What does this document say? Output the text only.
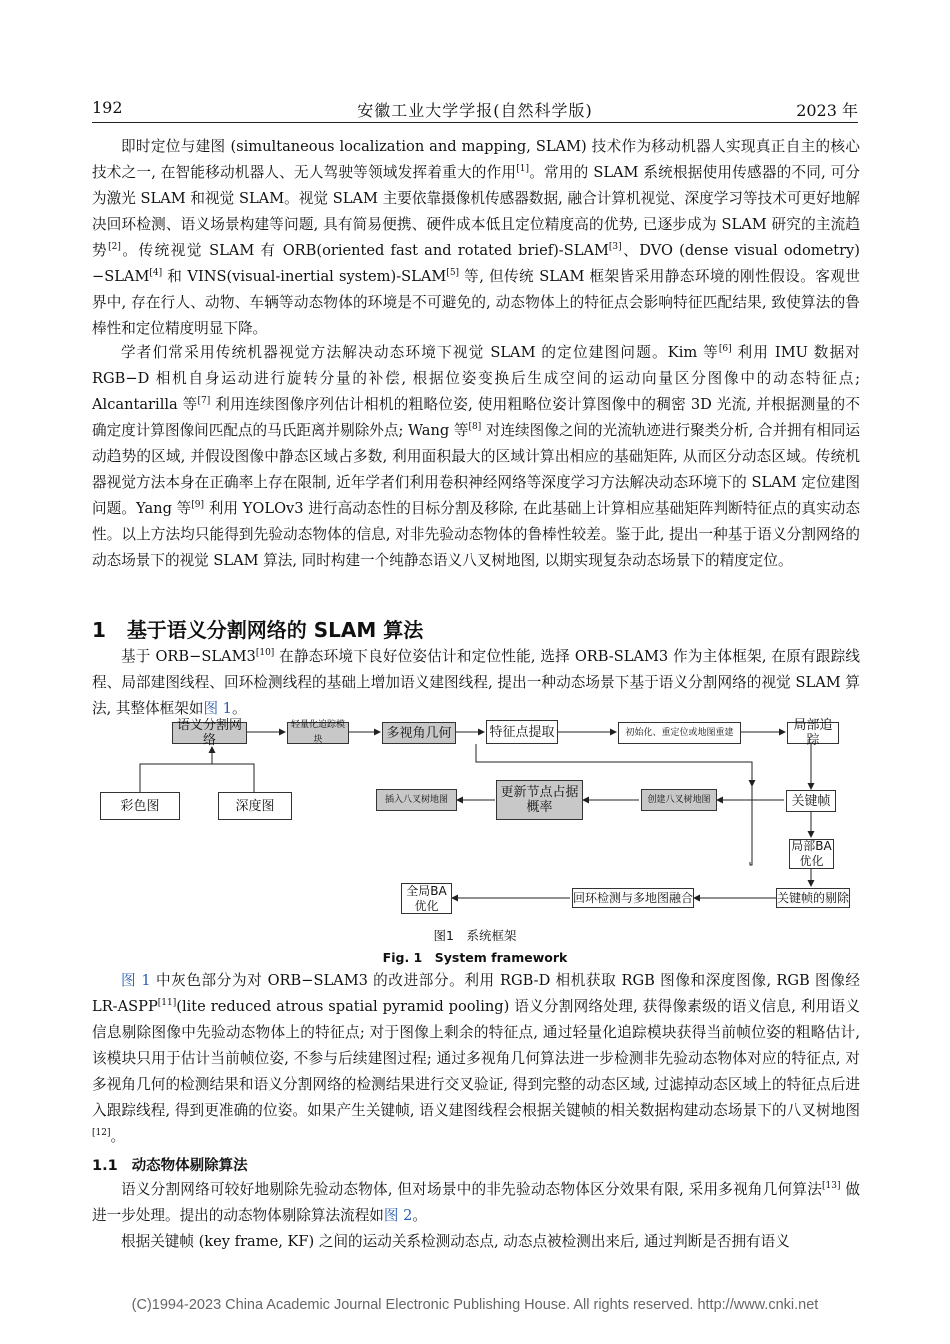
安徽工业大学学报(自然科学版)
192	2023 年

即时定位与建图 (simultaneous localization and mapping, SLAM) 技术作为移动机器人实现真正自主的核心技术之一, 在智能移动机器人、无人驾驶等领域发挥着重大的作用[1]。常用的 SLAM 系统根据使用传感器的不同, 可分为激光 SLAM 和视觉 SLAM。视觉 SLAM 主要依靠摄像机传感器数据, 融合计算机视觉、深度学习等技术可更好地解决回环检测、语义场景构建等问题, 具有简易便携、硬件成本低且定位精度高的优势, 已逐步成为 SLAM 研究的主流趋势[2]。传统视觉 SLAM 有 ORB(oriented fast and rotated brief)-SLAM[3]、DVO (dense visual odometry)−SLAM[4] 和 VINS(visual-inertial system)-SLAM[5] 等, 但传统 SLAM 框架皆采用静态环境的刚性假设。客观世界中, 存在行人、动物、车辆等动态物体的环境是不可避免的, 动态物体上的特征点会影响特征匹配结果, 致使算法的鲁棒性和定位精度明显下降。

学者们常采用传统机器视觉方法解决动态环境下视觉 SLAM 的定位建图问题。Kim 等[6] 利用 IMU 数据对 RGB−D 相机自身运动进行旋转分量的补偿, 根据位姿变换后生成空间的运动向量区分图像中的动态特征点; Alcantarilla 等[7] 利用连续图像序列估计相机的粗略位姿, 使用粗略位姿计算图像中的稠密 3D 光流, 并根据测量的不确定度计算图像间匹配点的马氏距离并剔除外点; Wang 等[8] 对连续图像之间的光流轨迹进行聚类分析, 合并拥有相同运动趋势的区域, 并假设图像中静态区域占多数, 利用面积最大的区域计算出相应的基础矩阵, 从而区分动态区域。传统机器视觉方法本身在正确率上存在限制, 近年学者们利用卷积神经网络等深度学习方法解决动态环境下的 SLAM 定位建图问题。Yang 等[9] 利用 YOLOv3 进行高动态性的目标分割及移除, 在此基础上计算相应基础矩阵判断特征点的真实动态性。以上方法均只能得到先验动态物体的信息, 对非先验动态物体的鲁棒性较差。鉴于此, 提出一种基于语义分割网络的动态场景下的视觉 SLAM 算法, 同时构建一个纯静态语义八叉树地图, 以期实现复杂动态场景下的精度定位。

1 基于语义分割网络的 SLAM 算法

基于 ORB−SLAM3[10] 在静态环境下良好位姿估计和定位性能, 选择 ORB-SLAM3 作为主体框架, 在原有跟踪线程、局部建图线程、回环检测线程的基础上增加语义建图线程, 提出一种动态场景下基于语义分割网络的视觉 SLAM 算法, 其整体框架如图 1。

语义分割网络
轻量化追踪模块	多视角几何	特征点提取	初始化、重定位或地图重建	局部追踪
彩色图	深度图	插入八叉树地图	更新节点占据概率
创建八叉树地图	关键帧
局部BA优化
全局BA优化
回环检测与多地图融合	关键帧的剔除
图1　系统框架
Fig. 1　System framework

图 1 中灰色部分为对 ORB−SLAM3 的改进部分。利用 RGB-D 相机获取 RGB 图像和深度图像, RGB 图像经 LR-ASPP[11](lite reduced atrous spatial pyramid pooling) 语义分割网络处理, 获得像素级的语义信息, 利用语义信息剔除图像中先验动态物体上的特征点; 对于图像上剩余的特征点, 通过轻量化追踪模块获得当前帧位姿的粗略估计, 该模块只用于估计当前帧位姿, 不参与后续建图过程; 通过多视角几何算法进一步检测非先验动态物体对应的特征点, 对多视角几何的检测结果和语义分割网络的检测结果进行交叉验证, 得到完整的动态区域, 过滤掉动态区域上的特征点后进入跟踪线程, 得到更准确的位姿。如果产生关键帧, 语义建图线程会根据关键帧的相关数据构建动态场景下的八叉树地图[12]。

1.1 动态物体剔除算法

语义分割网络可较好地剔除先验动态物体, 但对场景中的非先验动态物体区分效果有限, 采用多视角几何算法[13] 做进一步处理。提出的动态物体剔除算法流程如图 2。

根据关键帧 (key frame, KF) 之间的运动关系检测动态点, 动态点被检测出来后, 通过判断是否拥有语义

(C)1994-2023 China Academic Journal Electronic Publishing House. All rights reserved. http://www.cnki.net
